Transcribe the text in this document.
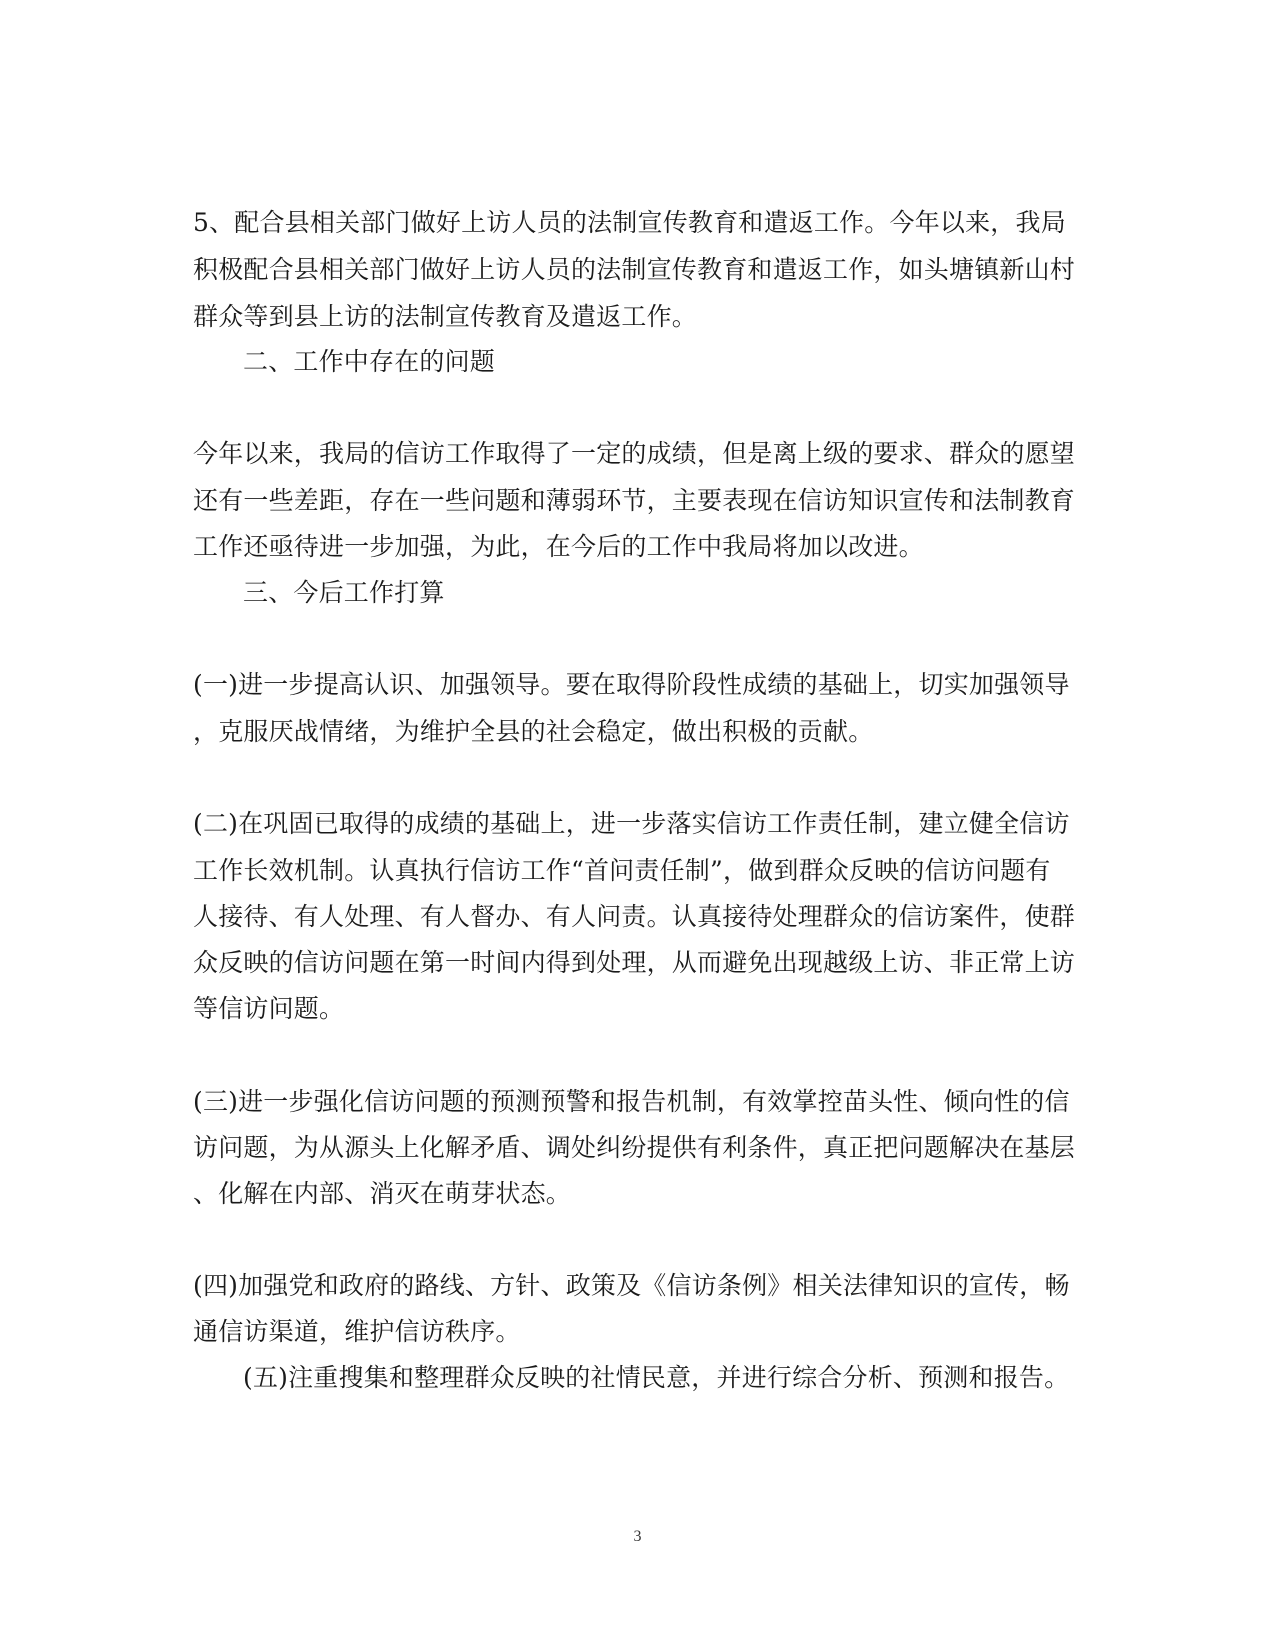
5、配合县相关部门做好上访人员的法制宣传教育和遣返工作。今年以来，我局
积极配合县相关部门做好上访人员的法制宣传教育和遣返工作，如头塘镇新山村
群众等到县上访的法制宣传教育及遣返工作。
二、工作中存在的问题
今年以来，我局的信访工作取得了一定的成绩，但是离上级的要求、群众的愿望
还有一些差距，存在一些问题和薄弱环节，主要表现在信访知识宣传和法制教育
工作还亟待进一步加强，为此，在今后的工作中我局将加以改进。
三、今后工作打算
(一)进一步提高认识、加强领导。要在取得阶段性成绩的基础上，切实加强领导
，克服厌战情绪，为维护全县的社会稳定，做出积极的贡献。
(二)在巩固已取得的成绩的基础上，进一步落实信访工作责任制，建立健全信访
工作长效机制。认真执行信访工作“首问责任制”，做到群众反映的信访问题有
人接待、有人处理、有人督办、有人问责。认真接待处理群众的信访案件，使群
众反映的信访问题在第一时间内得到处理，从而避免出现越级上访、非正常上访
等信访问题。
(三)进一步强化信访问题的预测预警和报告机制，有效掌控苗头性、倾向性的信
访问题，为从源头上化解矛盾、调处纠纷提供有利条件，真正把问题解决在基层
、化解在内部、消灭在萌芽状态。
(四)加强党和政府的路线、方针、政策及《信访条例》相关法律知识的宣传，畅
通信访渠道，维护信访秩序。
(五)注重搜集和整理群众反映的社情民意，并进行综合分析、预测和报告。
3
